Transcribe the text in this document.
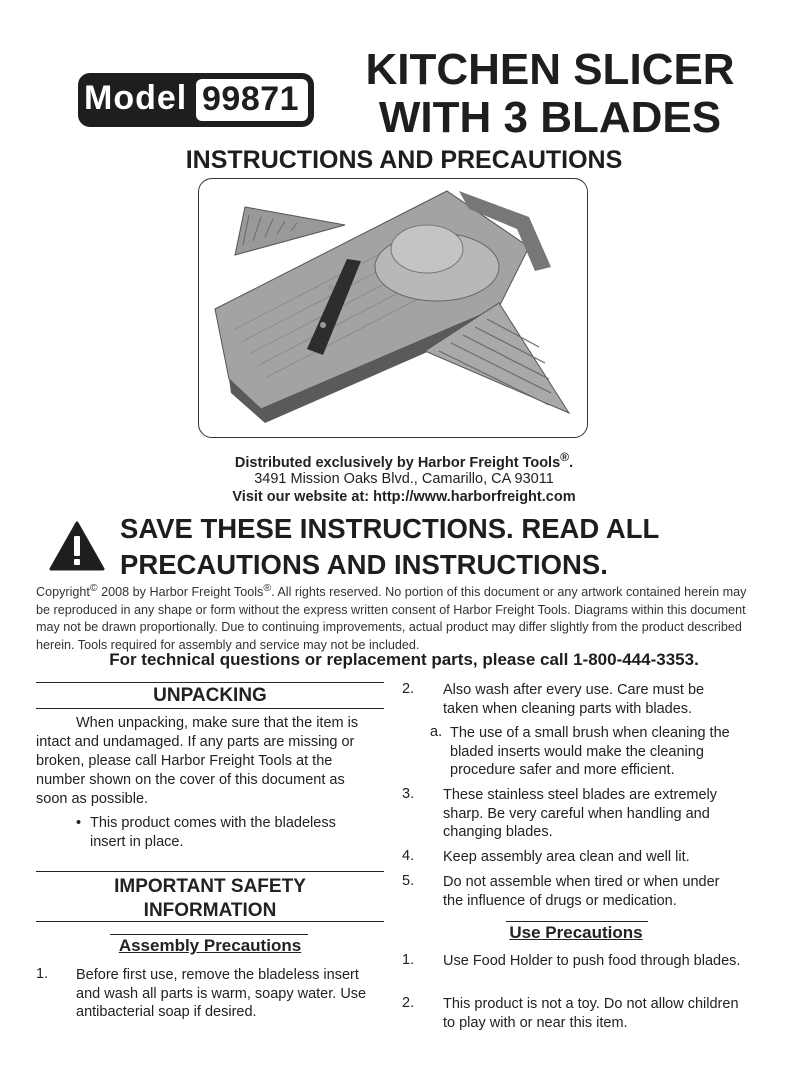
Model 99871
KITCHEN SLICER
WITH 3 BLADES
INSTRUCTIONS AND PRECAUTIONS
Distributed exclusively by Harbor Freight Tools®.
3491 Mission Oaks Blvd., Camarillo, CA 93011
Visit our website at: http://www.harborfreight.com
SAVE THESE INSTRUCTIONS. READ ALL
PRECAUTIONS AND INSTRUCTIONS.
Copyright© 2008 by Harbor Freight Tools®. All rights reserved. No portion of this document or any artwork contained herein may be reproduced in any shape or form without the express written consent of Harbor Freight Tools. Diagrams within this document may not be drawn proportionally. Due to continuing improvements, actual product may differ slightly from the product described herein. Tools required for assembly and service may not be included.
For technical questions or replacement parts, please call 1-800-444-3353.
UNPACKING
When unpacking, make sure that the item is intact and undamaged. If any parts are missing or broken, please call Harbor Freight Tools at the number shown on the cover of this document as soon as possible.
• This product comes with the bladeless insert in place.
IMPORTANT SAFETY
INFORMATION
Assembly Precautions
1. Before first use, remove the bladeless insert and wash all parts is warm, soapy water. Use antibacterial soap if desired.
2. Also wash after every use. Care must be taken when cleaning parts with blades.
a. The use of a small brush when cleaning the bladed inserts would make the cleaning procedure safer and more efficient.
3. These stainless steel blades are extremely sharp. Be very careful when handling and changing blades.
4. Keep assembly area clean and well lit.
5. Do not assemble when tired or when under the influence of drugs or medication.
Use Precautions
1. Use Food Holder to push food through blades.
2. This product is not a toy. Do not allow children to play with or near this item.
